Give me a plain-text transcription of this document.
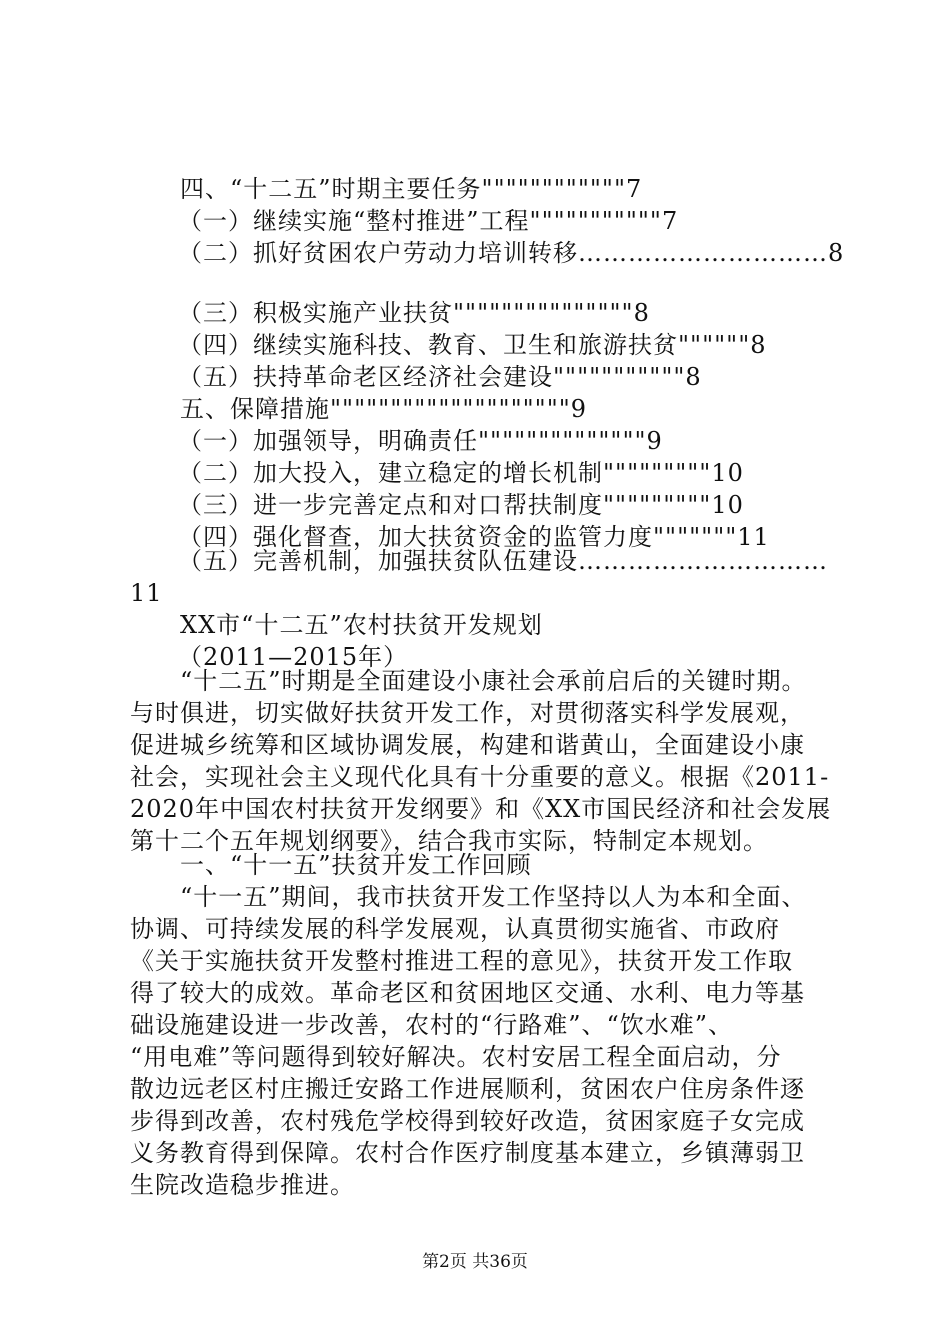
四、“十二五”时期主要任务""""""""""""7
（一）继续实施“整村推进”工程"""""""""""7
（二）抓好贫困农户劳动力培训转移…………………………8
（三）积极实施产业扶贫"""""""""""""""8
（四）继续实施科技、教育、卫生和旅游扶贫""""""8
（五）扶持革命老区经济社会建设"""""""""""8
五、保障措施""""""""""""""""""""9
（一）加强领导，明确责任""""""""""""""9
（二）加大投入，建立稳定的增长机制"""""""""10
（三）进一步完善定点和对口帮扶制度"""""""""10
（四）强化督查，加大扶贫资金的监管力度"""""""11
（五）完善机制，加强扶贫队伍建设…………………………
11
XX市“十二五”农村扶贫开发规划
（2011—2015年）
“十二五”时期是全面建设小康社会承前启后的关键时期。
与时俱进，切实做好扶贫开发工作，对贯彻落实科学发展观，
促进城乡统筹和区域协调发展，构建和谐黄山，全面建设小康
社会，实现社会主义现代化具有十分重要的意义。根据《2011-
2020年中国农村扶贫开发纲要》和《XX市国民经济和社会发展
第十二个五年规划纲要》，结合我市实际，特制定本规划。
一、“十一五”扶贫开发工作回顾
“十一五”期间，我市扶贫开发工作坚持以人为本和全面、
协调、可持续发展的科学发展观，认真贯彻实施省、市政府
《关于实施扶贫开发整村推进工程的意见》，扶贫开发工作取
得了较大的成效。革命老区和贫困地区交通、水利、电力等基
础设施建设进一步改善，农村的“行路难”、“饮水难”、
“用电难”等问题得到较好解决。农村安居工程全面启动，分
散边远老区村庄搬迁安路工作进展顺利，贫困农户住房条件逐
步得到改善，农村残危学校得到较好改造，贫困家庭子女完成
义务教育得到保障。农村合作医疗制度基本建立，乡镇薄弱卫
生院改造稳步推进。
第2页 共36页
